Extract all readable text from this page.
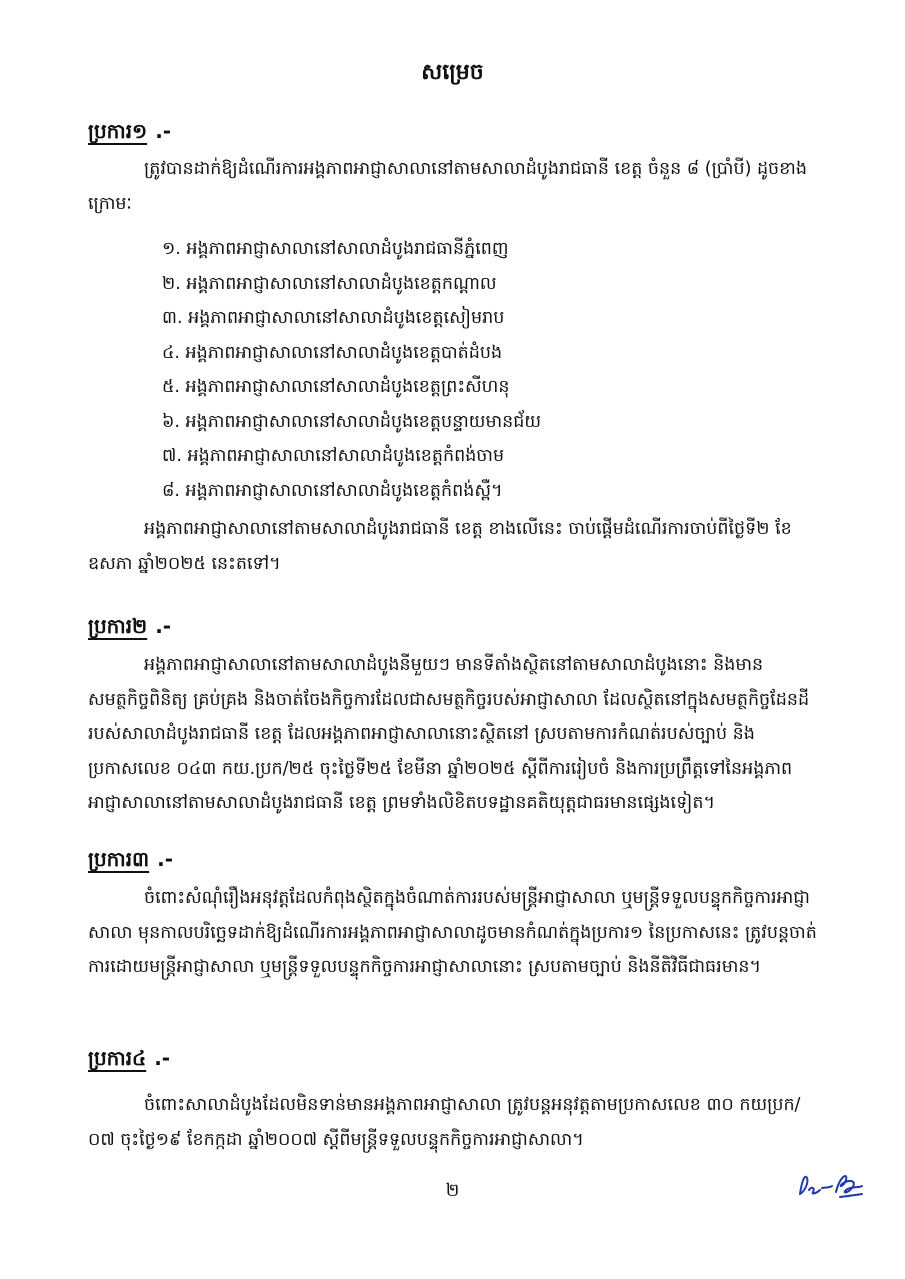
សម្រេច
ប្រការ១ .-
ត្រូវបានដាក់ឱ្យដំណើរការអង្គភាពអាជ្ញាសាលានៅតាមសាលាដំបូងរាជធានី ខេត្ត ចំនួន ៨ (ប្រាំបី) ដូចខាងក្រោមៈ
១. អង្គភាពអាជ្ញាសាលានៅសាលាដំបូងរាជធានីភ្នំពេញ
២. អង្គភាពអាជ្ញាសាលានៅសាលាដំបូងខេត្តកណ្ដាល
៣. អង្គភាពអាជ្ញាសាលានៅសាលាដំបូងខេត្តសៀមរាប
៤. អង្គភាពអាជ្ញាសាលានៅសាលាដំបូងខេត្តបាត់ដំបង
៥. អង្គភាពអាជ្ញាសាលានៅសាលាដំបូងខេត្តព្រះសីហនុ
៦. អង្គភាពអាជ្ញាសាលានៅសាលាដំបូងខេត្តបន្ទាយមានជ័យ
៧. អង្គភាពអាជ្ញាសាលានៅសាលាដំបូងខេត្តកំពង់ចាម
៨. អង្គភាពអាជ្ញាសាលានៅសាលាដំបូងខេត្តកំពង់ស្ពឺ។
អង្គភាពអាជ្ញាសាលានៅតាមសាលាដំបូងរាជធានី ខេត្ត ខាងលើនេះ ចាប់ផ្ដើមដំណើរការចាប់ពីថ្ងៃទី២ ខែឧសភា ឆ្នាំ២០២៥ នេះតទៅ។
ប្រការ២ .-
អង្គភាពអាជ្ញាសាលានៅតាមសាលាដំបូងនីមួយៗ មានទីតាំងស្ថិតនៅតាមសាលាដំបូងនោះ និងមានសមត្ថកិច្ចពិនិត្យ គ្រប់គ្រង និងចាត់ចែងកិច្ចការដែលជាសមត្ថកិច្ចរបស់អាជ្ញាសាលា ដែលស្ថិតនៅក្នុងសមត្ថកិច្ចដែនដីរបស់សាលាដំបូងរាជធានី ខេត្ត ដែលអង្គភាពអាជ្ញាសាលានោះស្ថិតនៅ ស្របតាមការកំណត់របស់ច្បាប់ និងប្រកាសលេខ ០៤៣ កយ.ប្រក/២៥ ចុះថ្ងៃទី២៥ ខែមីនា ឆ្នាំ២០២៥ ស្ដីពីការរៀបចំ និងការប្រព្រឹត្តទៅនៃអង្គភាពអាជ្ញាសាលានៅតាមសាលាដំបូងរាជធានី ខេត្ត ព្រមទាំងលិខិតបទដ្ឋានគតិយុត្តជាធរមានផ្សេងទៀត។
ប្រការ៣ .-
ចំពោះសំណុំរឿងអនុវត្តដែលកំពុងស្ថិតក្នុងចំណាត់ការរបស់មន្ត្រីអាជ្ញាសាលា ឬមន្ត្រីទទួលបន្ទុកកិច្ចការអាជ្ញាសាលា មុនកាលបរិច្ឆេទដាក់ឱ្យដំណើរការអង្គភាពអាជ្ញាសាលាដូចមានកំណត់ក្នុងប្រការ១ នៃប្រកាសនេះ ត្រូវបន្តចាត់ការដោយមន្ត្រីអាជ្ញាសាលា ឬមន្ត្រីទទួលបន្ទុកកិច្ចការអាជ្ញាសាលានោះ ស្របតាមច្បាប់ និងនីតិវិធីជាធរមាន។
ប្រការ៤ .-
ចំពោះសាលាដំបូងដែលមិនទាន់មានអង្គភាពអាជ្ញាសាលា ត្រូវបន្តអនុវត្តតាមប្រកាសលេខ ៣០ កយប្រក/០៧ ចុះថ្ងៃ១៩ ខែកក្កដា ឆ្នាំ២០០៧ ស្ដីពីមន្ត្រីទទួលបន្ទុកកិច្ចការអាជ្ញាសាលា។
២
